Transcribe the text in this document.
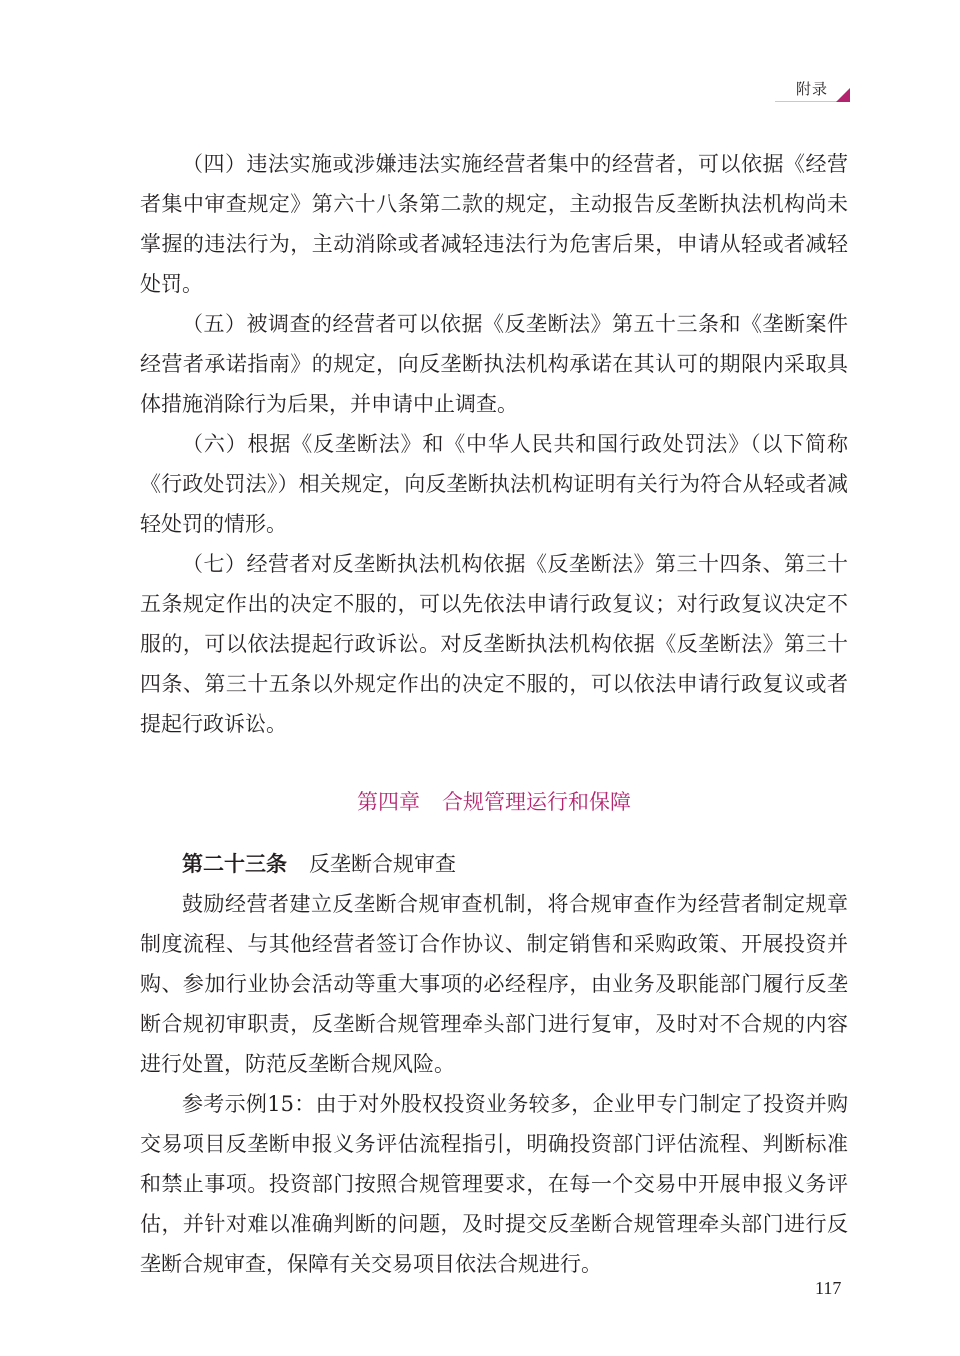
附录

（四）违法实施或涉嫌违法实施经营者集中的经营者，可以依据《经营者集中审查规定》第六十八条第二款的规定，主动报告反垄断执法机构尚未掌握的违法行为，主动消除或者减轻违法行为危害后果，申请从轻或者减轻处罚。

（五）被调查的经营者可以依据《反垄断法》第五十三条和《垄断案件经营者承诺指南》的规定，向反垄断执法机构承诺在其认可的期限内采取具体措施消除行为后果，并申请中止调查。

（六）根据《反垄断法》和《中华人民共和国行政处罚法》（以下简称《行政处罚法》）相关规定，向反垄断执法机构证明有关行为符合从轻或者减轻处罚的情形。

（七）经营者对反垄断执法机构依据《反垄断法》第三十四条、第三十五条规定作出的决定不服的，可以先依法申请行政复议；对行政复议决定不服的，可以依法提起行政诉讼。对反垄断执法机构依据《反垄断法》第三十四条、第三十五条以外规定作出的决定不服的，可以依法申请行政复议或者提起行政诉讼。

第四章 合规管理运行和保障

第二十三条 反垄断合规审查

鼓励经营者建立反垄断合规审查机制，将合规审查作为经营者制定规章制度流程、与其他经营者签订合作协议、制定销售和采购政策、开展投资并购、参加行业协会活动等重大事项的必经程序，由业务及职能部门履行反垄断合规初审职责，反垄断合规管理牵头部门进行复审，及时对不合规的内容进行处置，防范反垄断合规风险。

参考示例15：由于对外股权投资业务较多，企业甲专门制定了投资并购交易项目反垄断申报义务评估流程指引，明确投资部门评估流程、判断标准和禁止事项。投资部门按照合规管理要求，在每一个交易中开展申报义务评估，并针对难以准确判断的问题，及时提交反垄断合规管理牵头部门进行反垄断合规审查，保障有关交易项目依法合规进行。

117
